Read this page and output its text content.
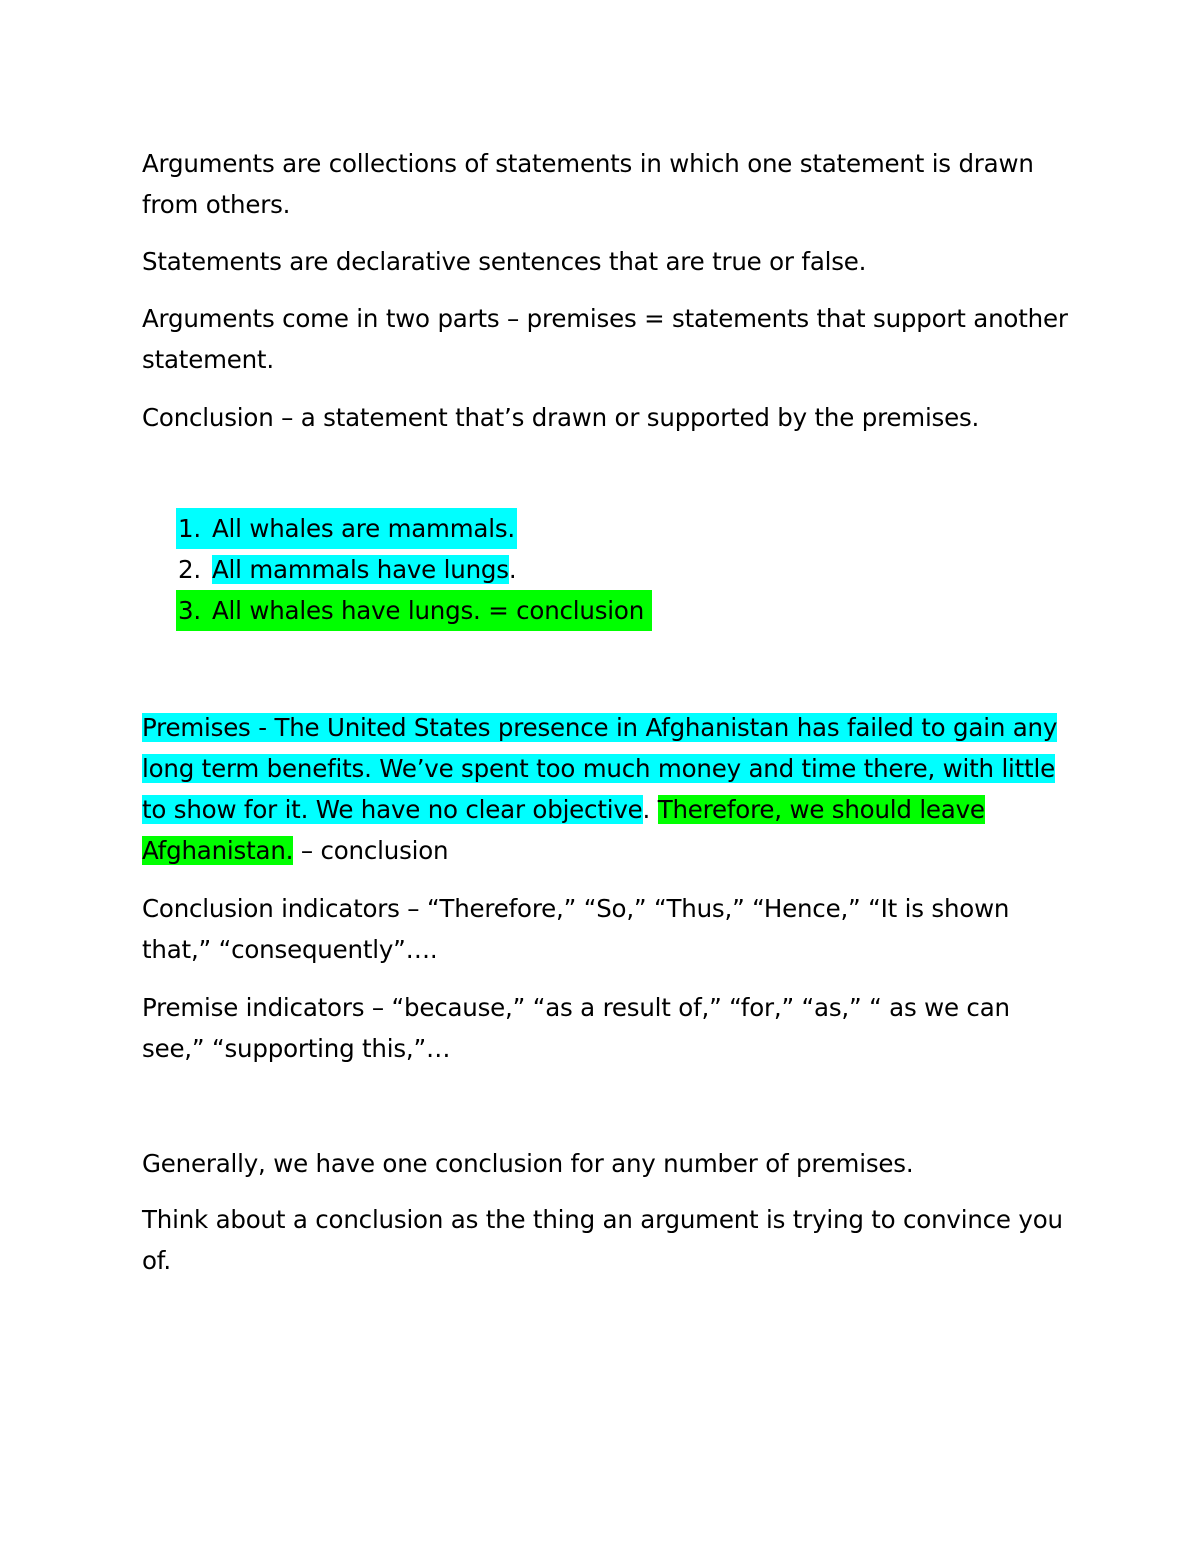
Arguments are collections of statements in which one statement is drawn from others.

Statements are declarative sentences that are true or false.

Arguments come in two parts – premises = statements that support another statement.

Conclusion – a statement that’s drawn or supported by the premises.

1. All whales are mammals.
2. All mammals have lungs.
3. All whales have lungs. = conclusion

Premises - The United States presence in Afghanistan has failed to gain any long term benefits. We’ve spent too much money and time there, with little to show for it. We have no clear objective. Therefore, we should leave Afghanistan. – conclusion

Conclusion indicators – “Therefore,” “So,” “Thus,” “Hence,” “It is shown that,” “consequently”….

Premise indicators – “because,” “as a result of,” “for,” “as,” “ as we can see,” “supporting this,”…

Generally, we have one conclusion for any number of premises.

Think about a conclusion as the thing an argument is trying to convince you of.
